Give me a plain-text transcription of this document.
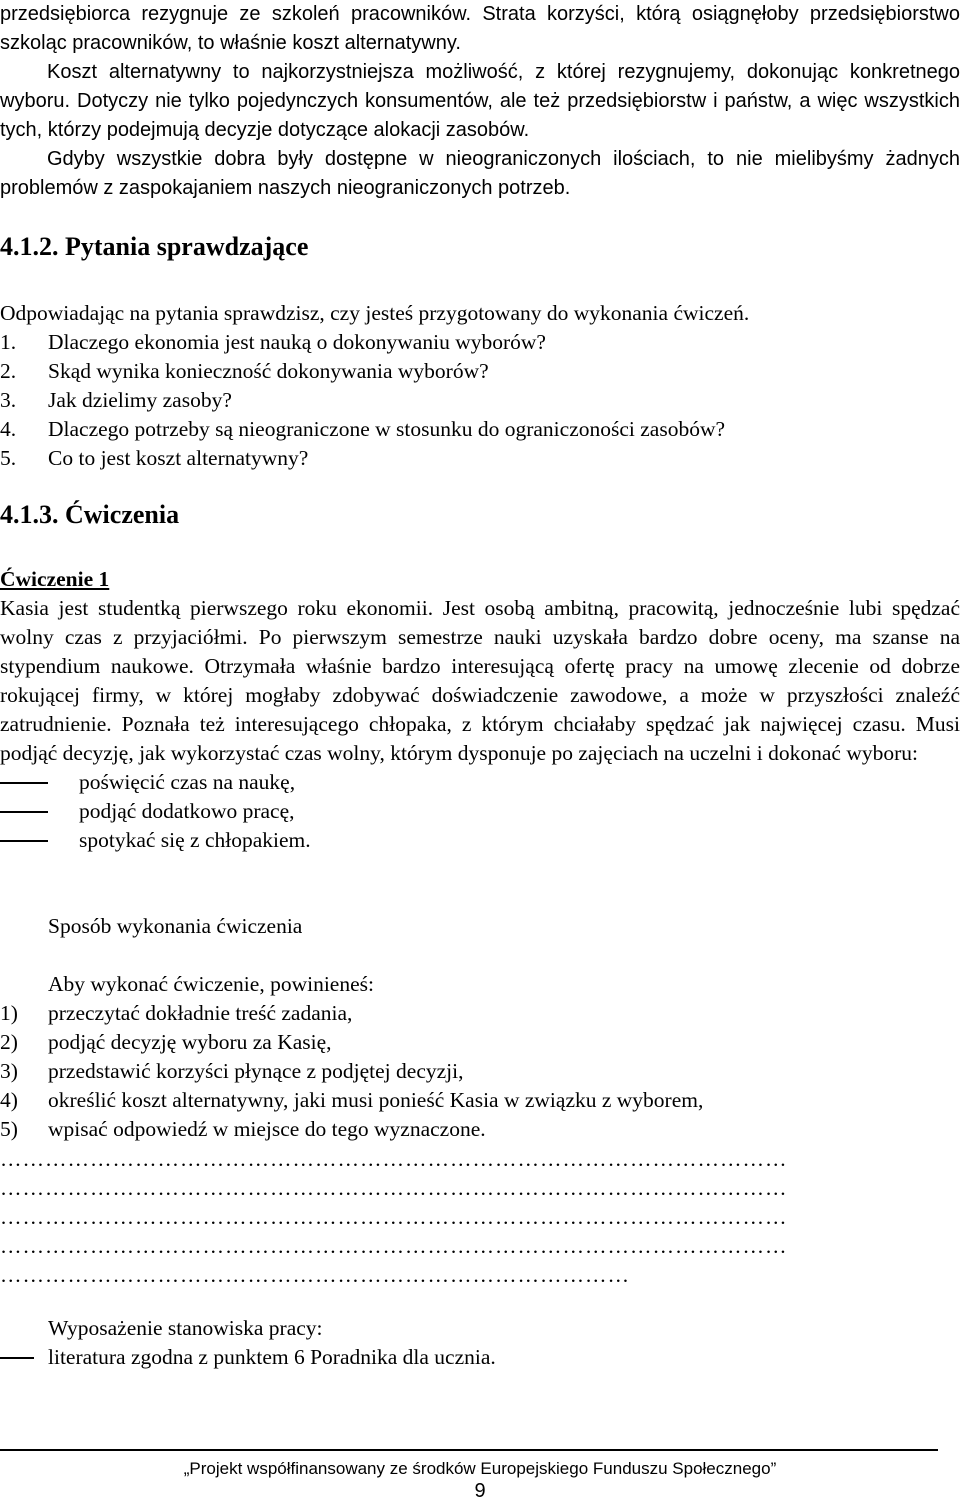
przedsiębiorca rezygnuje ze szkoleń pracowników. Strata korzyści, którą osiągnęłoby przedsiębiorstwo szkoląc pracowników, to właśnie koszt alternatywny.

Koszt alternatywny to najkorzystniejsza możliwość, z której rezygnujemy, dokonując konkretnego wyboru. Dotyczy nie tylko pojedynczych konsumentów, ale też przedsiębiorstw i państw, a więc wszystkich tych, którzy podejmują decyzje dotyczące alokacji zasobów.

Gdyby wszystkie dobra były dostępne w nieograniczonych ilościach, to nie mielibyśmy żadnych problemów z zaspokajaniem naszych nieograniczonych potrzeb.

4.1.2. Pytania sprawdzające

Odpowiadając na pytania sprawdzisz, czy jesteś przygotowany do wykonania ćwiczeń.

1. Dlaczego ekonomia jest nauką o dokonywaniu wyborów?
2. Skąd wynika konieczność dokonywania wyborów?
3. Jak dzielimy zasoby?
4. Dlaczego potrzeby są nieograniczone w stosunku do ograniczoności zasobów?
5. Co to jest koszt alternatywny?
4.1.3. Ćwiczenia

Ćwiczenie 1

Kasia jest studentką pierwszego roku ekonomii. Jest osobą ambitną, pracowitą, jednocześnie lubi spędzać wolny czas z przyjaciółmi. Po pierwszym semestrze nauki uzyskała bardzo dobre oceny, ma szanse na stypendium naukowe. Otrzymała właśnie bardzo interesującą ofertę pracy na umowę zlecenie od dobrze rokującej firmy, w której mogłaby zdobywać doświadczenie zawodowe, a może w przyszłości znaleźć zatrudnienie. Poznała też interesującego chłopaka, z którym chciałaby spędzać jak najwięcej czasu. Musi podjąć decyzję, jak wykorzystać czas wolny, którym dysponuje po zajęciach na uczelni i dokonać wyboru:

poświęcić czas na naukę,
podjąć dodatkowo pracę,
spotykać się z chłopakiem.
Sposób wykonania ćwiczenia

Aby wykonać ćwiczenie, powinieneś:

1) przeczytać dokładnie treść zadania,
2) podjąć decyzję wyboru za Kasię,
3) przedstawić korzyści płynące z podjętej decyzji,
4) określić koszt alternatywny, jaki musi ponieść Kasia w związku z wyborem,
5) wpisać odpowiedź w miejsce do tego wyznaczone.
……………………………………………………………………………………………
……………………………………………………………………………………………
……………………………………………………………………………………………
……………………………………………………………………………………………
…………………………………………………………………………

Wyposażenie stanowiska pracy:

literatura zgodna z punktem 6 Poradnika dla ucznia.
„Projekt współfinansowany ze środków Europejskiego Funduszu Społecznego”
9
